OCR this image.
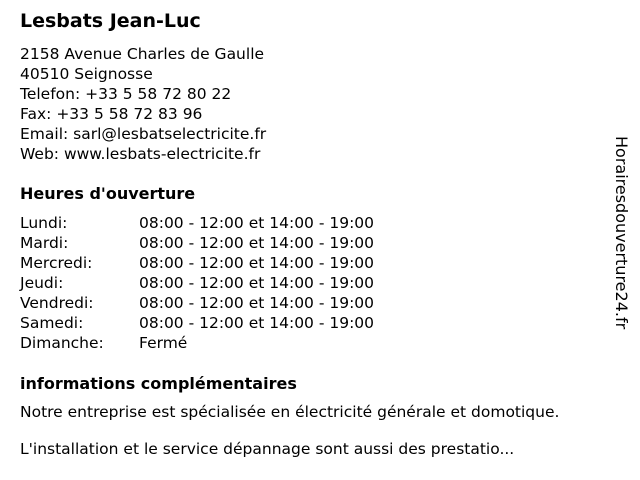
Lesbats Jean-Luc
2158 Avenue Charles de Gaulle
40510 Seignosse
Telefon: +33 5 58 72 80 22
Fax: +33 5 58 72 83 96
Email: sarl@lesbatselectricite.fr
Web: www.lesbats-electricite.fr
Heures d'ouverture
Lundi:	08:00 - 12:00 et 14:00 - 19:00
Mardi:	08:00 - 12:00 et 14:00 - 19:00
Mercredi:	08:00 - 12:00 et 14:00 - 19:00
Jeudi:	08:00 - 12:00 et 14:00 - 19:00
Vendredi:	08:00 - 12:00 et 14:00 - 19:00
Samedi:	08:00 - 12:00 et 14:00 - 19:00
Dimanche:	Fermé
informations complémentaires
Notre entreprise est spécialisée en électricité générale et domotique.
L'installation et le service dépannage sont aussi des prestatio...
Horairesdouverture24.fr
